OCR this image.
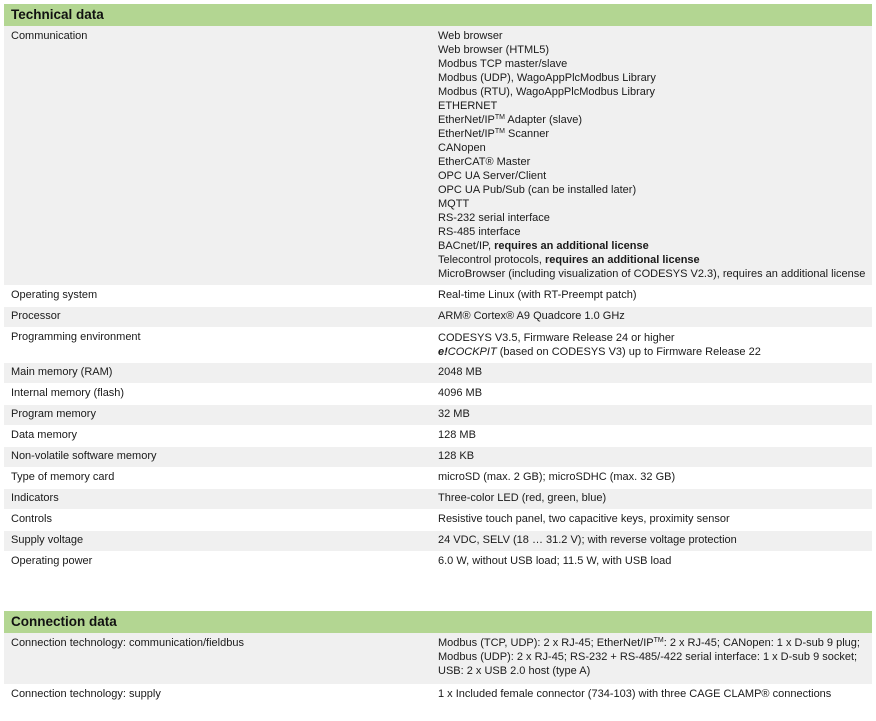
Technical data
Communication	Web browser
Web browser (HTML5)
Modbus TCP master/slave
Modbus (UDP), WagoAppPlcModbus Library
Modbus (RTU), WagoAppPlcModbus Library
ETHERNET
EtherNet/IP™ Adapter (slave)
EtherNet/IP™ Scanner
CANopen
EtherCAT® Master
OPC UA Server/Client
OPC UA Pub/Sub (can be installed later)
MQTT
RS-232 serial interface
RS-485 interface
BACnet/IP, requires an additional license
Telecontrol protocols, requires an additional license
MicroBrowser (including visualization of CODESYS V2.3), requires an additional license
Operating system	Real-time Linux (with RT-Preempt patch)
Processor	ARM® Cortex® A9 Quadcore 1.0 GHz
Programming environment	CODESYS V3.5, Firmware Release 24 or higher
e!COCKPIT (based on CODESYS V3) up to Firmware Release 22
Main memory (RAM)	2048 MB
Internal memory (flash)	4096 MB
Program memory	32 MB
Data memory	128 MB
Non-volatile software memory	128 KB
Type of memory card	microSD (max. 2 GB); microSDHC (max. 32 GB)
Indicators	Three-color LED (red, green, blue)
Controls	Resistive touch panel, two capacitive keys, proximity sensor
Supply voltage	24 VDC, SELV (18 … 31.2 V); with reverse voltage protection
Operating power	6.0 W, without USB load; 11.5 W, with USB load
Connection data
Connection technology: communication/fieldbus	Modbus (TCP, UDP): 2 x RJ-45; EtherNet/IP™: 2 x RJ-45; CANopen: 1 x D-sub 9 plug;
Modbus (UDP): 2 x RJ-45; RS-232 + RS-485/-422 serial interface: 1 x D-sub 9 socket;
USB: 2 x USB 2.0 host (type A)
Connection technology: supply	1 x Included female connector (734-103) with three CAGE CLAMP® connections
